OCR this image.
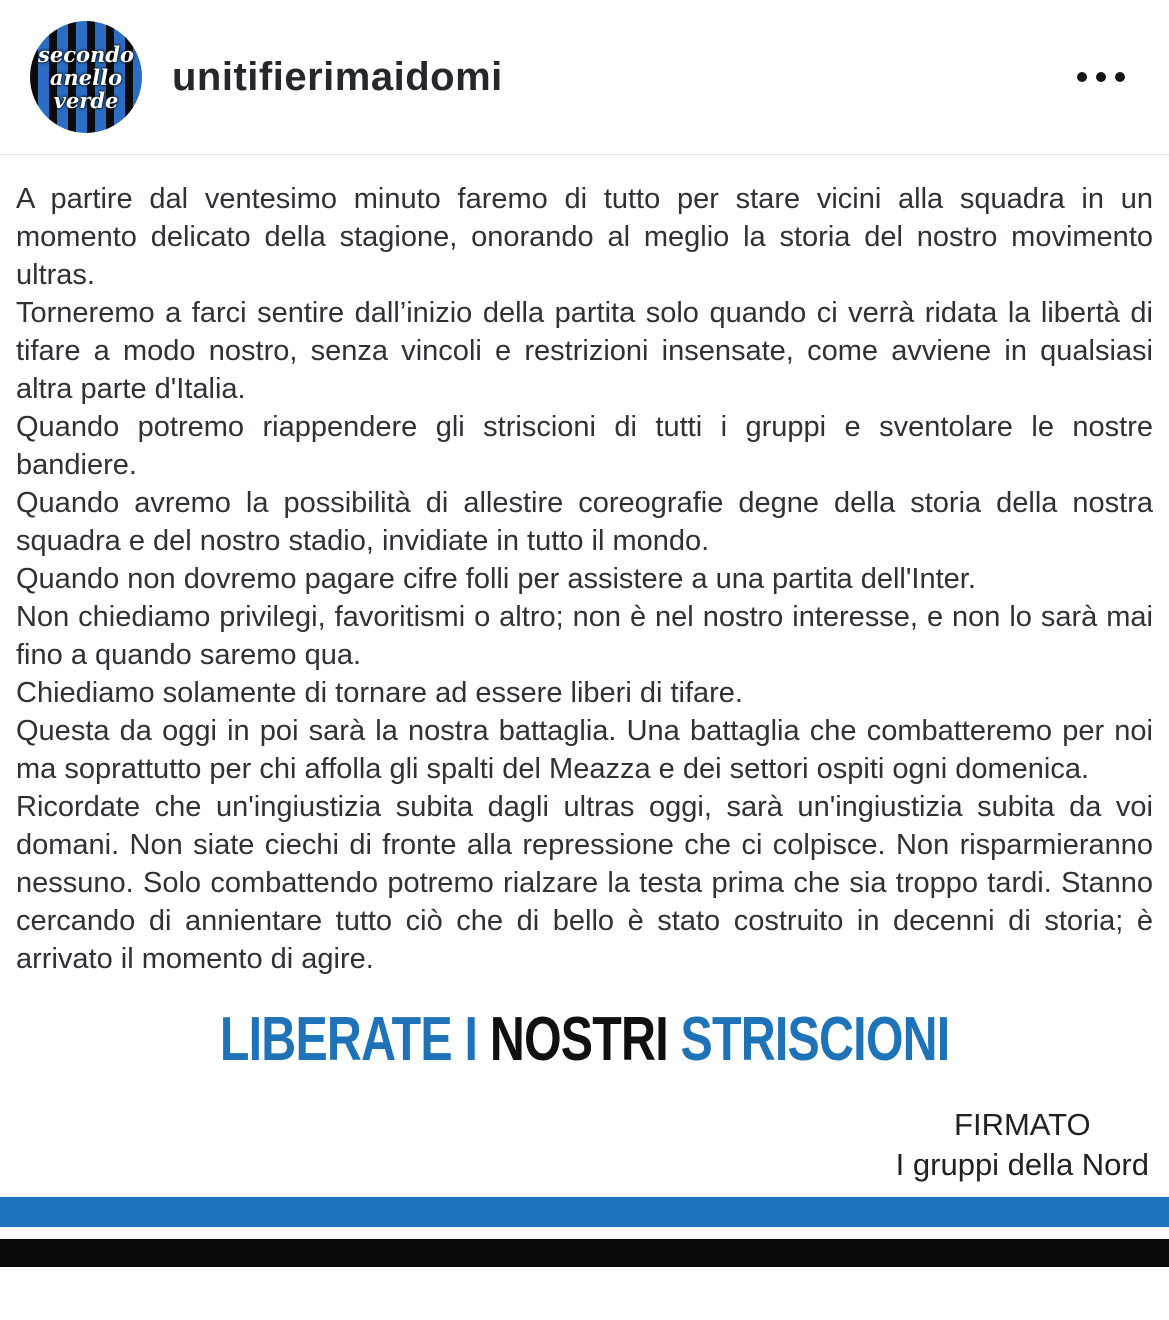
secondo
anello
verde
unitifierimaidomi

A partire dal ventesimo minuto faremo di tutto per stare vicini alla squadra in un momento delicato della stagione, onorando al meglio la storia del nostro movimento ultras.

Torneremo a farci sentire dall’inizio della partita solo quando ci verrà ridata la libertà di tifare a modo nostro, senza vincoli e restrizioni insensate, come avviene in qualsiasi altra parte d'Italia.

Quando potremo riappendere gli striscioni di tutti i gruppi e sventolare le nostre bandiere.

Quando avremo la possibilità di allestire coreografie degne della storia della nostra squadra e del nostro stadio, invidiate in tutto il mondo.

Quando non dovremo pagare cifre folli per assistere a una partita dell'Inter.

Non chiediamo privilegi, favoritismi o altro; non è nel nostro interesse, e non lo sarà mai fino a quando saremo qua.

Chiediamo solamente di tornare ad essere liberi di tifare.

Questa da oggi in poi sarà la nostra battaglia. Una battaglia che combatteremo per noi ma soprattutto per chi affolla gli spalti del Meazza e dei settori ospiti ogni domenica.

Ricordate che un'ingiustizia subita dagli ultras oggi, sarà un'ingiustizia subita da voi domani. Non siate ciechi di fronte alla repressione che ci colpisce. Non risparmieranno nessuno. Solo combattendo potremo rialzare la testa prima che sia troppo tardi. Stanno cercando di annientare tutto ciò che di bello è stato costruito in decenni di storia; è arrivato il momento di agire.

LIBERATE I NOSTRI STRISCIONI
FIRMATO
I gruppi della Nord
